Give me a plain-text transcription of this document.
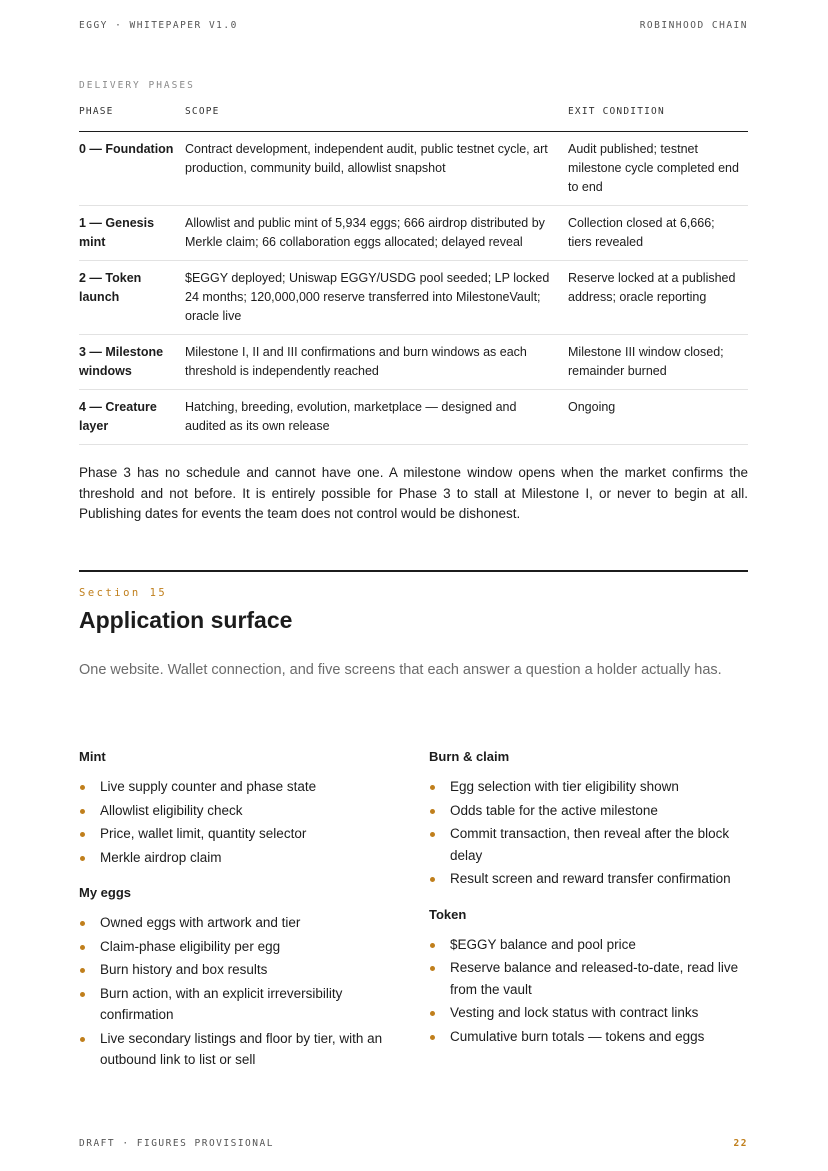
EGGY · WHITEPAPER V1.0	ROBINHOOD CHAIN
DELIVERY PHASES
PHASE	SCOPE	EXIT CONDITION
0 — Foundation	Contract development, independent audit, public testnet cycle, art production, community build, allowlist snapshot	Audit published; testnet milestone cycle completed end to end
1 — Genesis mint	Allowlist and public mint of 5,934 eggs; 666 airdrop distributed by Merkle claim; 66 collaboration eggs allocated; delayed reveal	Collection closed at 6,666; tiers revealed
2 — Token launch	$EGGY deployed; Uniswap EGGY/USDG pool seeded; LP locked 24 months; 120,000,000 reserve transferred into MilestoneVault; oracle live	Reserve locked at a published address; oracle reporting
3 — Milestone windows	Milestone I, II and III confirmations and burn windows as each threshold is independently reached	Milestone III window closed; remainder burned
4 — Creature layer	Hatching, breeding, evolution, marketplace — designed and audited as its own release	Ongoing

Phase 3 has no schedule and cannot have one. A milestone window opens when the market confirms the threshold and not before. It is entirely possible for Phase 3 to stall at Milestone I, or never to begin at all. Publishing dates for events the team does not control would be dishonest.

Section 15
Application surface

One website. Wallet connection, and five screens that each answer a question a holder actually has.

Mint
Live supply counter and phase state
Allowlist eligibility check
Price, wallet limit, quantity selector
Merkle airdrop claim
My eggs
Owned eggs with artwork and tier
Claim-phase eligibility per egg
Burn history and box results
Burn action, with an explicit irreversibility confirmation
Live secondary listings and floor by tier, with an outbound link to list or sell
Burn & claim
Egg selection with tier eligibility shown
Odds table for the active milestone
Commit transaction, then reveal after the block delay
Result screen and reward transfer confirmation
Token
$EGGY balance and pool price
Reserve balance and released-to-date, read live from the vault
Vesting and lock status with contract links
Cumulative burn totals — tokens and eggs
DRAFT · FIGURES PROVISIONAL	22
